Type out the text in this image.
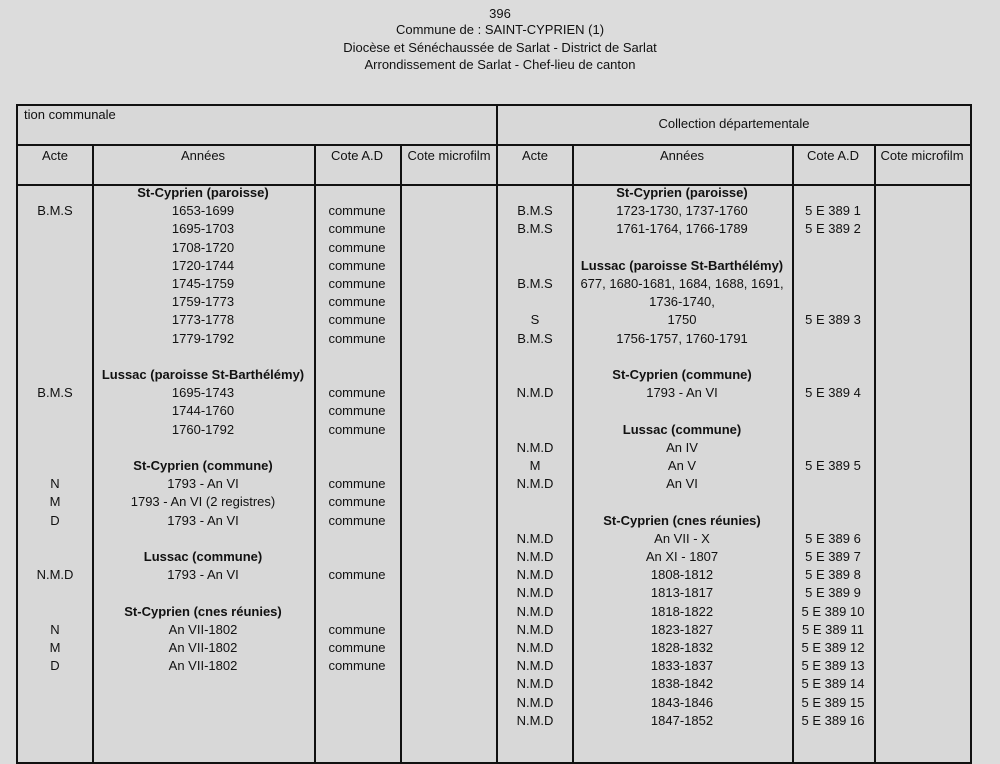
396
Commune de : SAINT-CYPRIEN (1)
Diocèse et Sénéchaussée de Sarlat - District de Sarlat
Arrondissement de Sarlat - Chef-lieu de canton
tion communale
Acte	Années	Cote A.D	Cote microfilm
St-Cyprien (paroisse)
B.M.S	1653-1699	commune
1695-1703	commune
1708-1720	commune
1720-1744	commune
1745-1759	commune
1759-1773	commune
1773-1778	commune
1779-1792	commune
Lussac (paroisse St-Barthélémy)
B.M.S	1695-1743	commune
1744-1760	commune
1760-1792	commune
St-Cyprien (commune)
N	1793 - An VI	commune
M	1793 - An VI (2 registres)	commune
D	1793 - An VI	commune
Lussac (commune)
N.M.D	1793 - An VI	commune
St-Cyprien (cnes réunies)
N	An VII-1802	commune
M	An VII-1802	commune
D	An VII-1802	commune
Collection départementale
Acte	Années	Cote A.D	Cote microfilm
St-Cyprien (paroisse)
B.M.S	1723-1730, 1737-1760	5 E 389 1
B.M.S	1761-1764, 1766-1789	5 E 389 2
Lussac (paroisse St-Barthélémy)
B.M.S	677, 1680-1681, 1684, 1688, 1691,
1736-1740,
S	1750	5 E 389 3
B.M.S	1756-1757, 1760-1791
St-Cyprien (commune)
N.M.D	1793 - An VI	5 E 389 4
Lussac (commune)
N.M.D	An IV
M	An V	5 E 389 5
N.M.D	An VI
St-Cyprien (cnes réunies)
N.M.D	An VII - X	5 E 389 6
N.M.D	An XI - 1807	5 E 389 7
N.M.D	1808-1812	5 E 389 8
N.M.D	1813-1817	5 E 389 9
N.M.D	1818-1822	5 E 389 10
N.M.D	1823-1827	5 E 389 11
N.M.D	1828-1832	5 E 389 12
N.M.D	1833-1837	5 E 389 13
N.M.D	1838-1842	5 E 389 14
N.M.D	1843-1846	5 E 389 15
N.M.D	1847-1852	5 E 389 16
